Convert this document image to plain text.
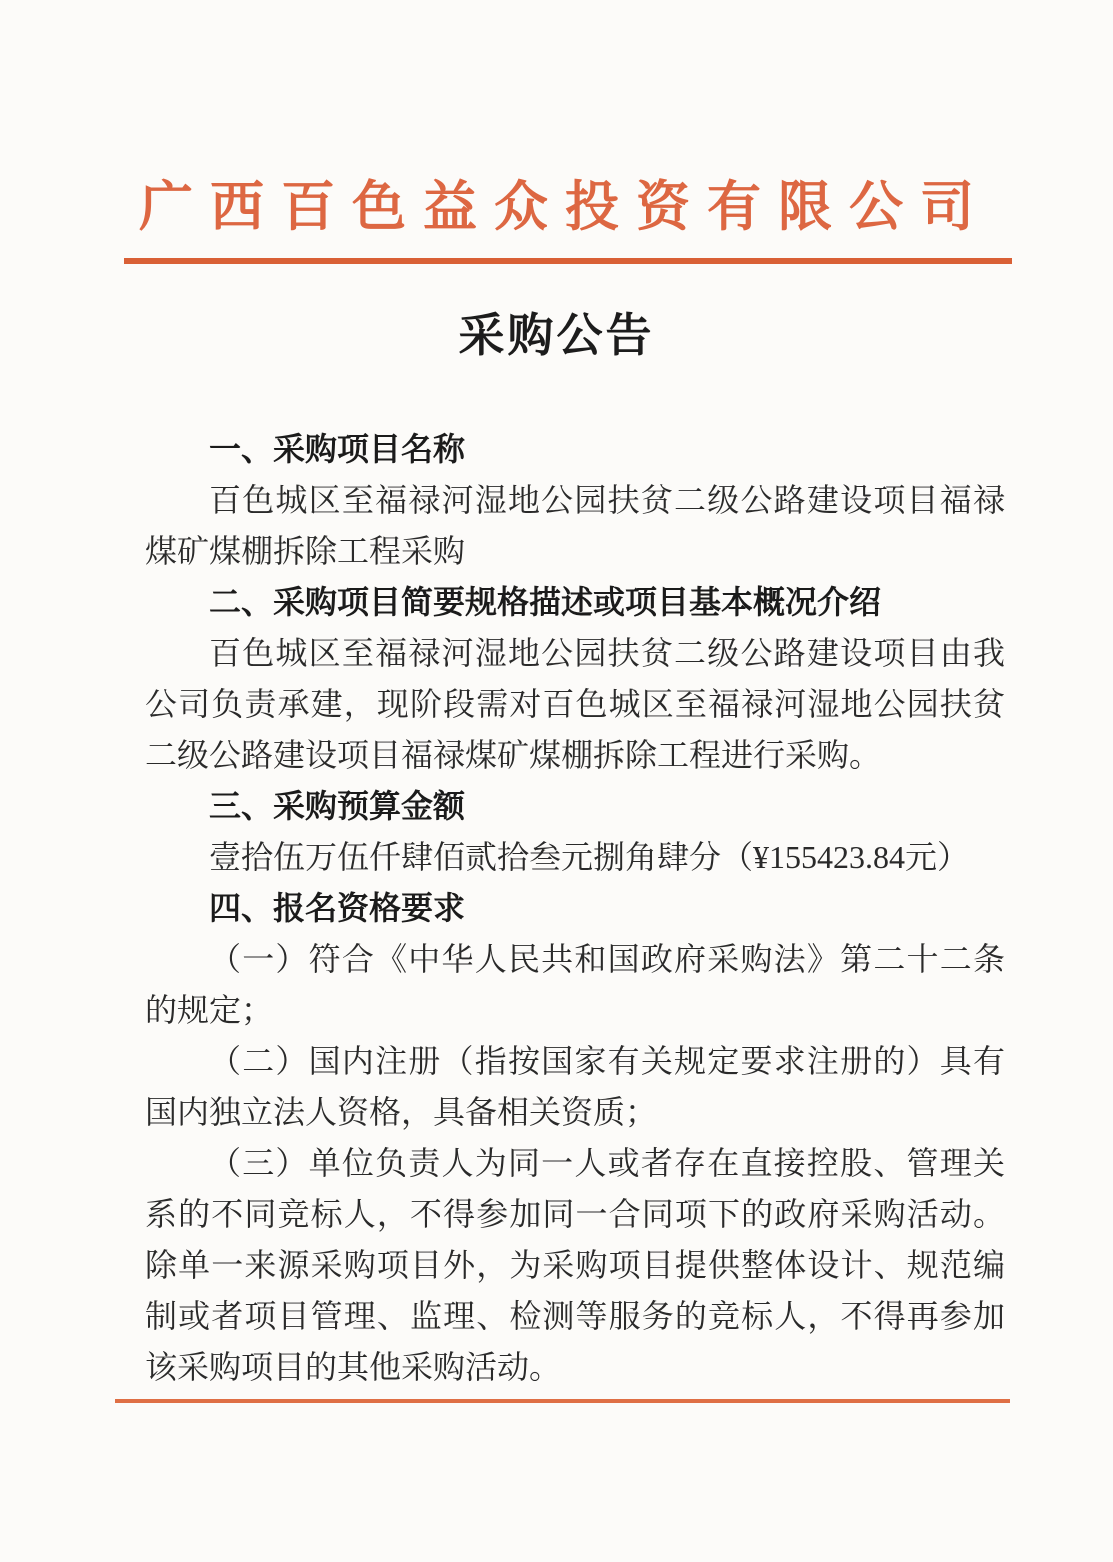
广西百色益众投资有限公司
采购公告
一、采购项目名称

百色城区至福禄河湿地公园扶贫二级公路建设项目福禄煤矿煤棚拆除工程采购

二、采购项目简要规格描述或项目基本概况介绍

百色城区至福禄河湿地公园扶贫二级公路建设项目由我公司负责承建，现阶段需对百色城区至福禄河湿地公园扶贫二级公路建设项目福禄煤矿煤棚拆除工程进行采购。

三、采购预算金额

壹拾伍万伍仟肆佰贰拾叁元捌角肆分（¥155423.84元）

四、报名资格要求

（一）符合《中华人民共和国政府采购法》第二十二条的规定；

（二）国内注册（指按国家有关规定要求注册的）具有国内独立法人资格，具备相关资质；

（三）单位负责人为同一人或者存在直接控股、管理关系的不同竞标人，不得参加同一合同项下的政府采购活动。除单一来源采购项目外，为采购项目提供整体设计、规范编制或者项目管理、监理、检测等服务的竞标人，不得再参加该采购项目的其他采购活动。
